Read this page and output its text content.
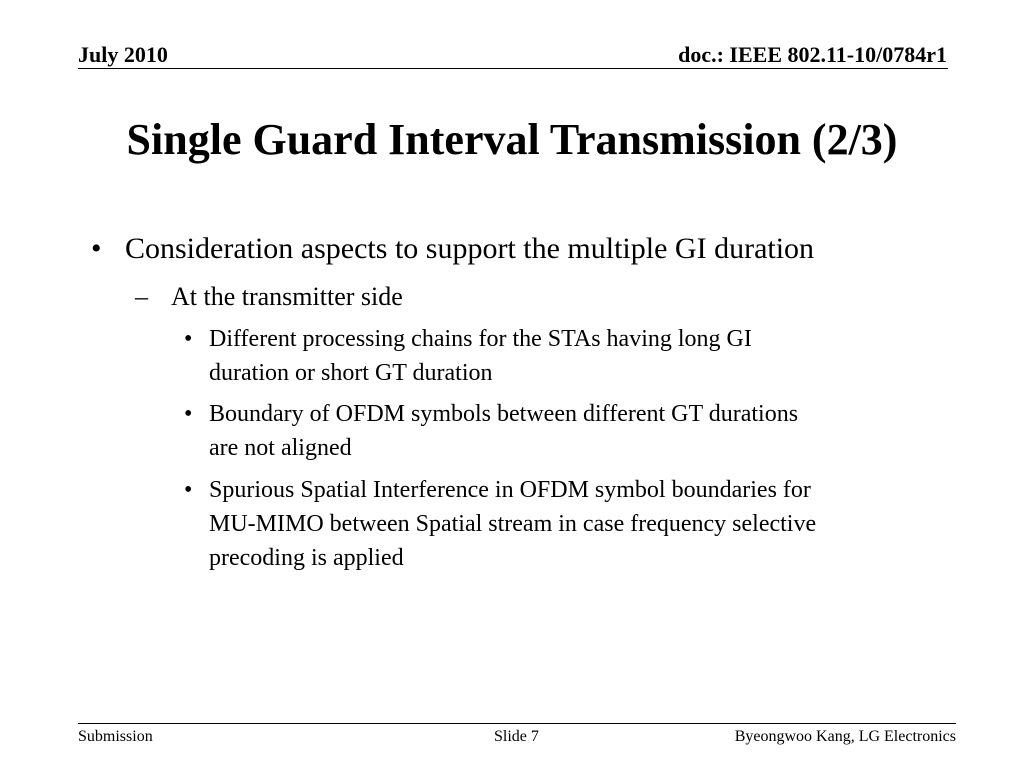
July 2010	doc.: IEEE 802.11-10/0784r1
Single Guard Interval Transmission (2/3)
• Consideration aspects to support the multiple GI duration
– At the transmitter side
• Different processing chains for the STAs having long GI
duration or short GT duration
• Boundary of OFDM symbols between different GT durations
are not aligned
• Spurious Spatial Interference in OFDM symbol boundaries for
MU-MIMO between Spatial stream in case frequency selective
precoding is applied
Submission	Slide 7	Byeongwoo Kang, LG Electronics
